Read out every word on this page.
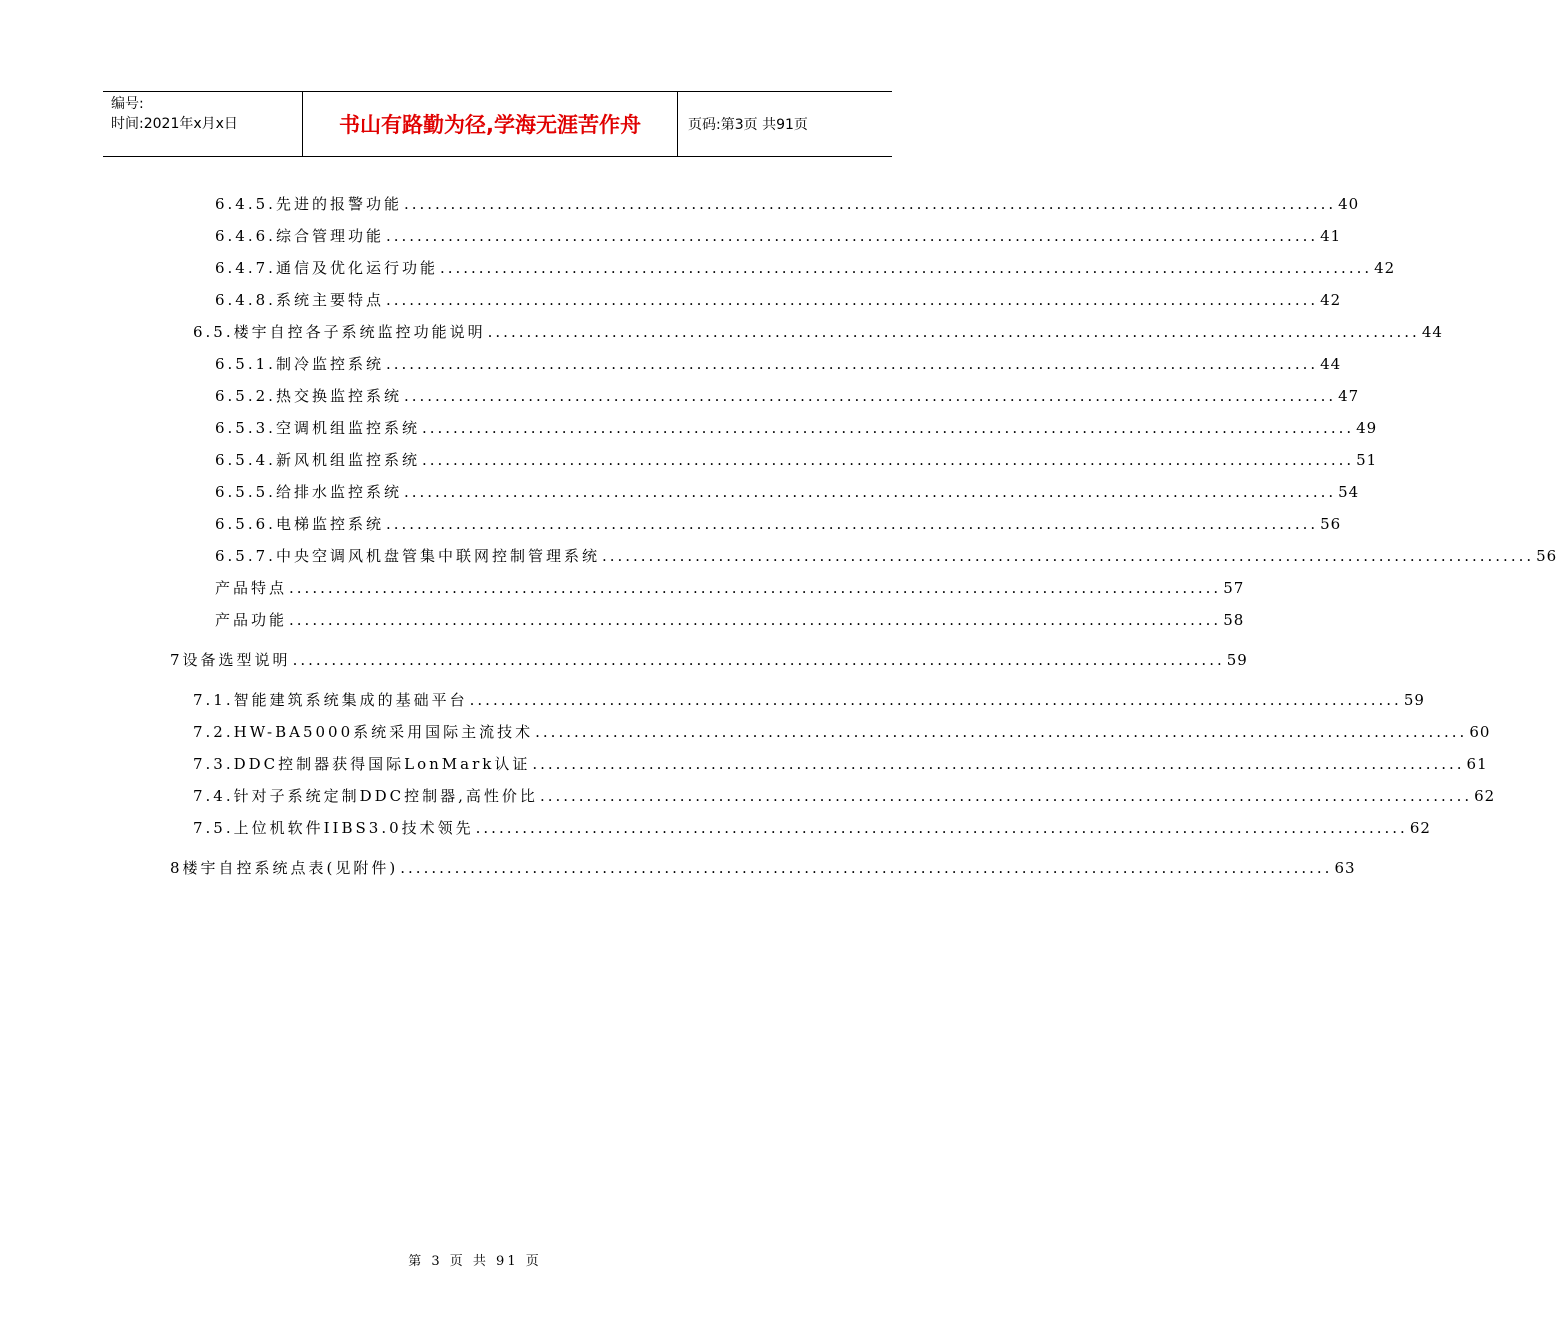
编号:
时间:2021年x月x日	书山有路勤为径,学海无涯苦作舟	页码:第3页 共91页
6.4.5. 先进的报警功能 ........................................................................................................................ 40
6.4.6. 综合管理功能 ........................................................................................................................ 41
6.4.7. 通信及优化运行功能 ........................................................................................................................ 42
6.4.8. 系统主要特点 ........................................................................................................................ 42
6.5. 楼宇自控各子系统监控功能说明 ........................................................................................................................ 44
6.5.1. 制冷监控系统 ........................................................................................................................ 44
6.5.2. 热交换监控系统 ........................................................................................................................ 47
6.5.3. 空调机组监控系统 ........................................................................................................................ 49
6.5.4. 新风机组监控系统 ........................................................................................................................ 51
6.5.5. 给排水监控系统 ........................................................................................................................ 54
6.5.6. 电梯监控系统 ........................................................................................................................ 56
6.5.7. 中央空调风机盘管集中联网控制管理系统 ........................................................................................................................ 56
产品特点 ........................................................................................................................ 57
产品功能 ........................................................................................................................ 58
7 设备选型说明 ........................................................................................................................ 59
7.1. 智能建筑系统集成的基础平台 ........................................................................................................................ 59
7.2. HW-BA5000系统采用国际主流技术 ........................................................................................................................ 60
7.3. DDC控制器获得国际LonMark认证 ........................................................................................................................ 61
7.4. 针对子系统定制DDC控制器,高性价比 ........................................................................................................................ 62
7.5. 上位机软件IIBS3.0技术领先 ........................................................................................................................ 62
8 楼宇自控系统点表(见附件) ........................................................................................................................ 63
第 3 页 共 91 页
